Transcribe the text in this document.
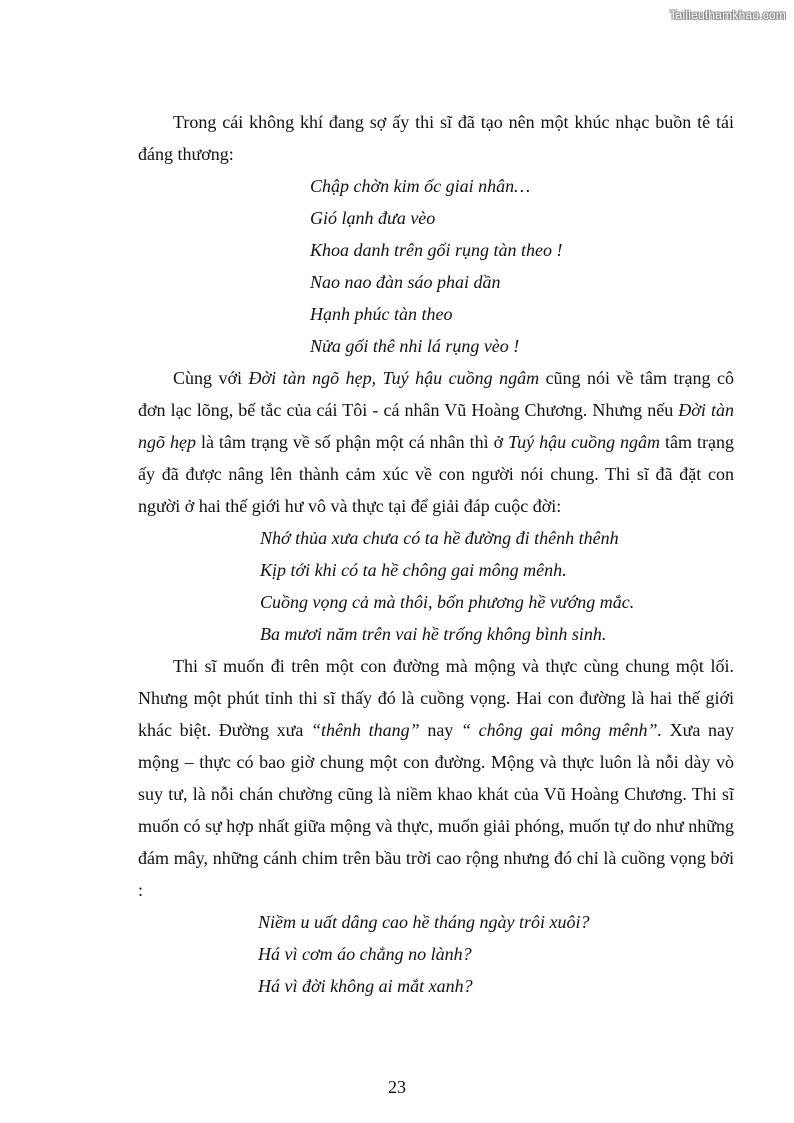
Tailieuthamkhao.com

Trong cái không khí đang sợ ấy thi sĩ đã tạo nên một khúc nhạc buồn tê tái đáng thương:

Chập chờn kim ốc giai nhân…
Gió lạnh đưa vèo
Khoa danh trên gối rụng tàn theo !
Nao nao đàn sáo phai dần
Hạnh phúc tàn theo
Nửa gối thê nhi lá rụng vèo !

Cùng với Đời tàn ngõ hẹp, Tuý hậu cuồng ngâm cũng nói về tâm trạng cô đơn lạc lõng, bế tắc của cái Tôi - cá nhân Vũ Hoàng Chương. Nhưng nếu Đời tàn ngõ hẹp là tâm trạng về số phận một cá nhân thì ở Tuý hậu cuồng ngâm tâm trạng ấy đã được nâng lên thành cảm xúc về con người nói chung. Thi sĩ đã đặt con người ở hai thế giới hư vô và thực tại để giải đáp cuộc đời:

Nhớ thủa xưa chưa có ta hề đường đi thênh thênh
Kịp tới khi có ta hề chông gai mông mênh.
Cuồng vọng cả mà thôi, bốn phương hề vướng mắc.
Ba mươi năm trên vai hề trống không bình sinh.

Thi sĩ muốn đi trên một con đường mà mộng và thực cùng chung một lối. Nhưng một phút tỉnh thi sĩ thấy đó là cuồng vọng. Hai con đường là hai thế giới khác biệt. Đường xưa “thênh thang” nay “ chông gai mông mênh”. Xưa nay mộng – thực có bao giờ chung một con đường. Mộng và thực luôn là nỗi dày vò suy tư, là nỗi chán chường cũng là niềm khao khát của Vũ Hoàng Chương. Thi sĩ muốn có sự hợp nhất giữa mộng và thực, muốn giải phóng, muốn tự do như những đám mây, những cánh chim trên bầu trời cao rộng nhưng đó chỉ là cuồng vọng bởi :

Niềm u uất dâng cao hề tháng ngày trôi xuôi?
Há vì cơm áo chẳng no lành?
Há vì đời không ai mắt xanh?
23
